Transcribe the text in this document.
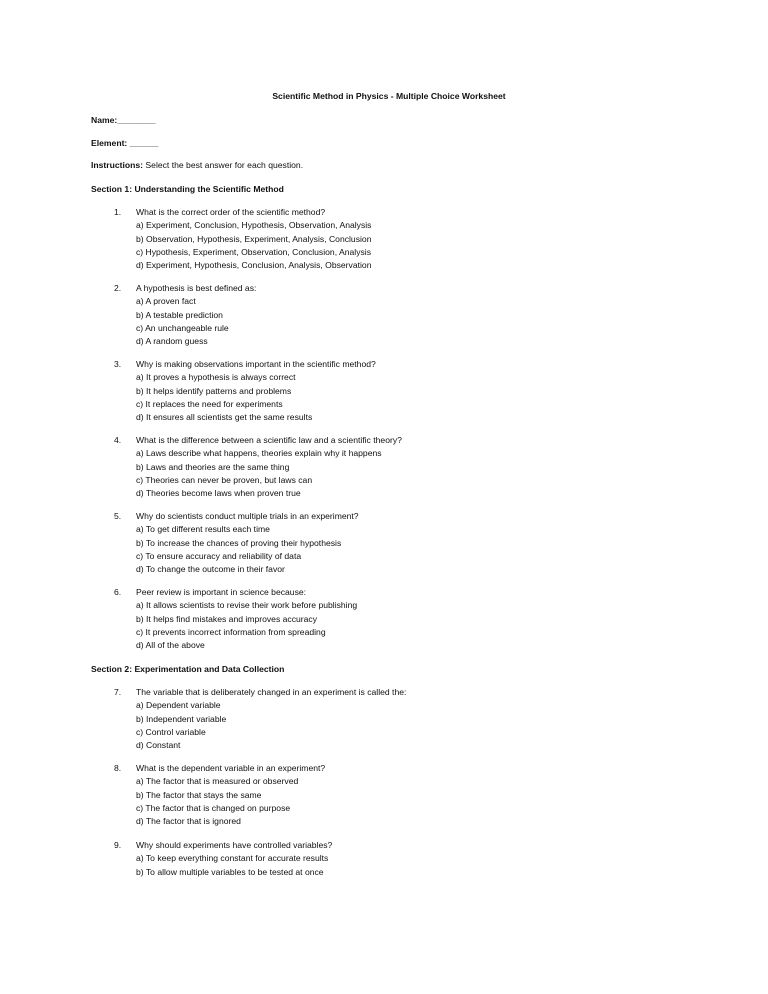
Scientific Method in Physics - Multiple Choice Worksheet
Name:________
Element: ______
Instructions: Select the best answer for each question.
Section 1: Understanding the Scientific Method
1. What is the correct order of the scientific method?
a) Experiment, Conclusion, Hypothesis, Observation, Analysis
b) Observation, Hypothesis, Experiment, Analysis, Conclusion
c) Hypothesis, Experiment, Observation, Conclusion, Analysis
d) Experiment, Hypothesis, Conclusion, Analysis, Observation
2. A hypothesis is best defined as:
a) A proven fact
b) A testable prediction
c) An unchangeable rule
d) A random guess
3. Why is making observations important in the scientific method?
a) It proves a hypothesis is always correct
b) It helps identify patterns and problems
c) It replaces the need for experiments
d) It ensures all scientists get the same results
4. What is the difference between a scientific law and a scientific theory?
a) Laws describe what happens, theories explain why it happens
b) Laws and theories are the same thing
c) Theories can never be proven, but laws can
d) Theories become laws when proven true
5. Why do scientists conduct multiple trials in an experiment?
a) To get different results each time
b) To increase the chances of proving their hypothesis
c) To ensure accuracy and reliability of data
d) To change the outcome in their favor
6. Peer review is important in science because:
a) It allows scientists to revise their work before publishing
b) It helps find mistakes and improves accuracy
c) It prevents incorrect information from spreading
d) All of the above
Section 2: Experimentation and Data Collection
7. The variable that is deliberately changed in an experiment is called the:
a) Dependent variable
b) Independent variable
c) Control variable
d) Constant
8. What is the dependent variable in an experiment?
a) The factor that is measured or observed
b) The factor that stays the same
c) The factor that is changed on purpose
d) The factor that is ignored
9. Why should experiments have controlled variables?
a) To keep everything constant for accurate results
b) To allow multiple variables to be tested at once
